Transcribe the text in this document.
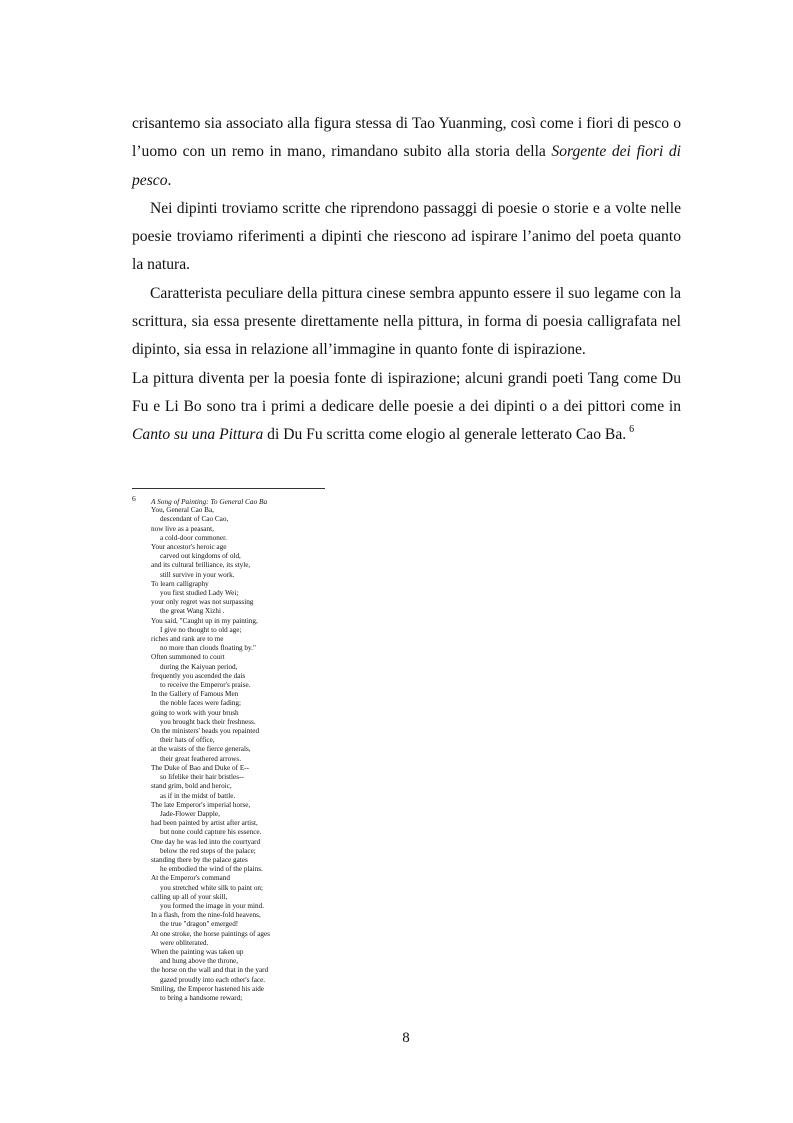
crisantemo sia associato alla figura stessa di Tao Yuanming, così come i fiori di pesco o l’uomo con un remo in mano, rimandano subito alla storia della Sorgente dei fiori di pesco.

Nei dipinti troviamo scritte che riprendono passaggi di poesie o storie e a volte nelle poesie troviamo riferimenti a dipinti che riescono ad ispirare l’animo del poeta quanto la natura.

Caratterista peculiare della pittura cinese sembra appunto essere il suo legame con la scrittura, sia essa presente direttamente nella pittura, in forma di poesia calligrafata nel dipinto, sia essa in relazione all’immagine in quanto fonte di ispirazione.

La pittura diventa per la poesia fonte di ispirazione; alcuni grandi poeti Tang come Du Fu e Li Bo sono tra i primi a dedicare delle poesie a dei dipinti o a dei pittori come in Canto su una Pittura di Du Fu scritta come elogio al generale letterato Cao Ba. $^6$

6 A Song of Painting: To General Cao Ba
You, General Cao Ba,
descendant of Cao Cao,
now live as a peasant,
a cold-door commoner.
Your ancestor's heroic age
carved out kingdoms of old,
and its cultural brilliance, its style,
still survive in your work.
To learn calligraphy
you first studied Lady Wei;
your only regret was not surpassing
the great Wang Xizhi .
You said, "Caught up in my painting,
I give no thought to old age;
riches and rank are to me
no more than clouds floating by."
Often summoned to court
during the Kaiyuan period,
frequently you ascended the dais
to receive the Emperor's praise.
In the Gallery of Famous Men
the noble faces were fading;
going to work with your brush
you brought back their freshness.
On the ministers' heads you repainted
their hats of office,
at the waists of the fierce generals,
their great feathered arrows.
The Duke of Bao and Duke of E--
so lifelike their hair bristles--
stand grim, bold and heroic,
as if in the midst of battle.
The late Emperor's imperial horse,
Jade-Flower Dapple,
had been painted by artist after artist,
but none could capture his essence.
One day he was led into the courtyard
below the red steps of the palace;
standing there by the palace gates
he embodied the wind of the plains.
At the Emperor's command
you stretched white silk to paint on;
calling up all of your skill,
you formed the image in your mind.
In a flash, from the nine-fold heavens,
the true "dragon" emerged!
At one stroke, the horse paintings of ages
were obliterated.
When the painting was taken up
and hung above the throne,
the horse on the wall and that in the yard
gazed proudly into each other's face.
Smiling, the Emperor hastened his aide
to bring a handsome reward;
8
